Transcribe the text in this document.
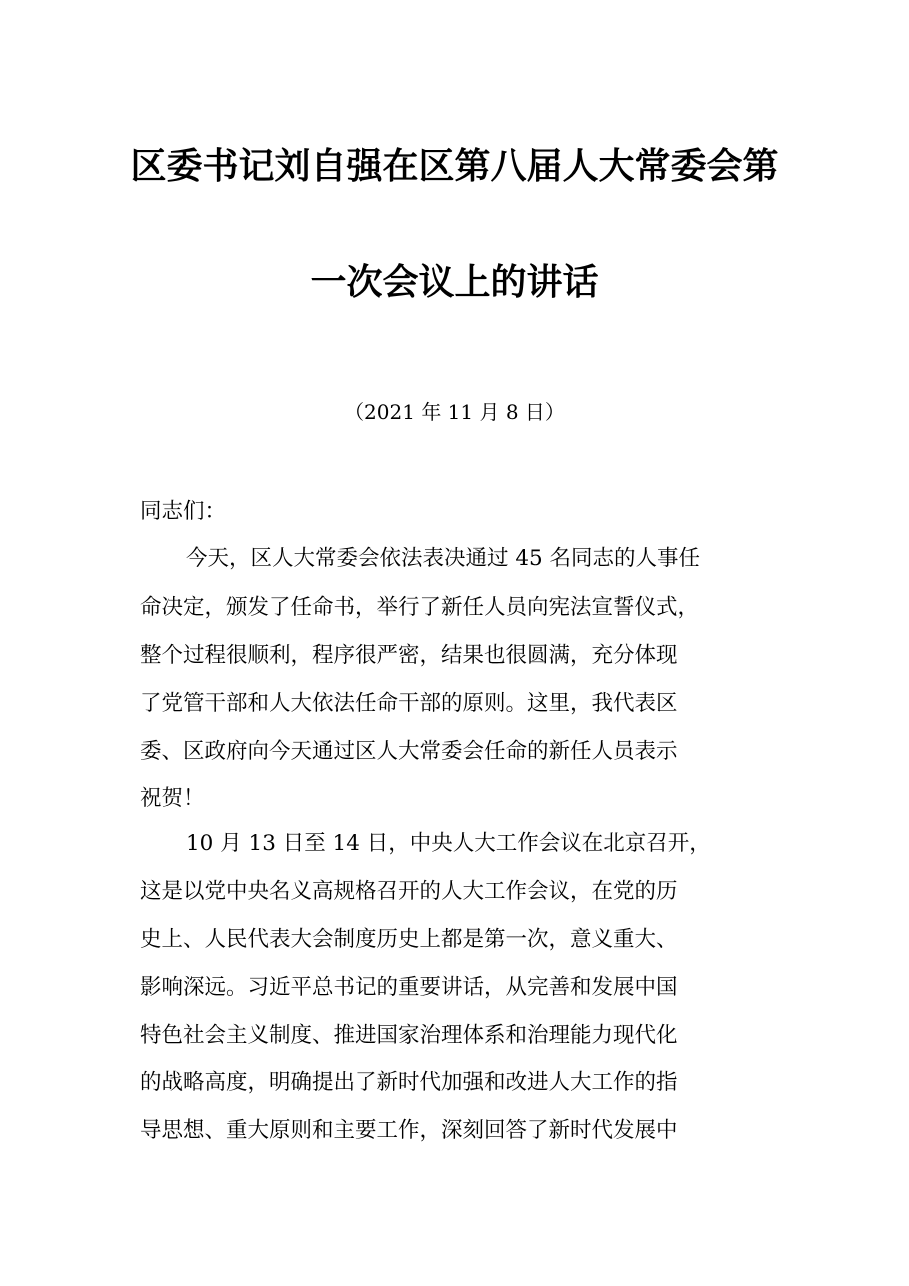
区委书记刘自强在区第八届人大常委会第
一次会议上的讲话
（2021 年 11 月 8 日）
同志们：
今天，区人大常委会依法表决通过 45 名同志的人事任
命决定，颁发了任命书，举行了新任人员向宪法宣誓仪式，
整个过程很顺利，程序很严密，结果也很圆满，充分体现
了党管干部和人大依法任命干部的原则。这里，我代表区
委、区政府向今天通过区人大常委会任命的新任人员表示
祝贺！
10 月 13 日至 14 日，中央人大工作会议在北京召开，
这是以党中央名义高规格召开的人大工作会议，在党的历
史上、人民代表大会制度历史上都是第一次，意义重大、
影响深远。习近平总书记的重要讲话，从完善和发展中国
特色社会主义制度、推进国家治理体系和治理能力现代化
的战略高度，明确提出了新时代加强和改进人大工作的指
导思想、重大原则和主要工作，深刻回答了新时代发展中
